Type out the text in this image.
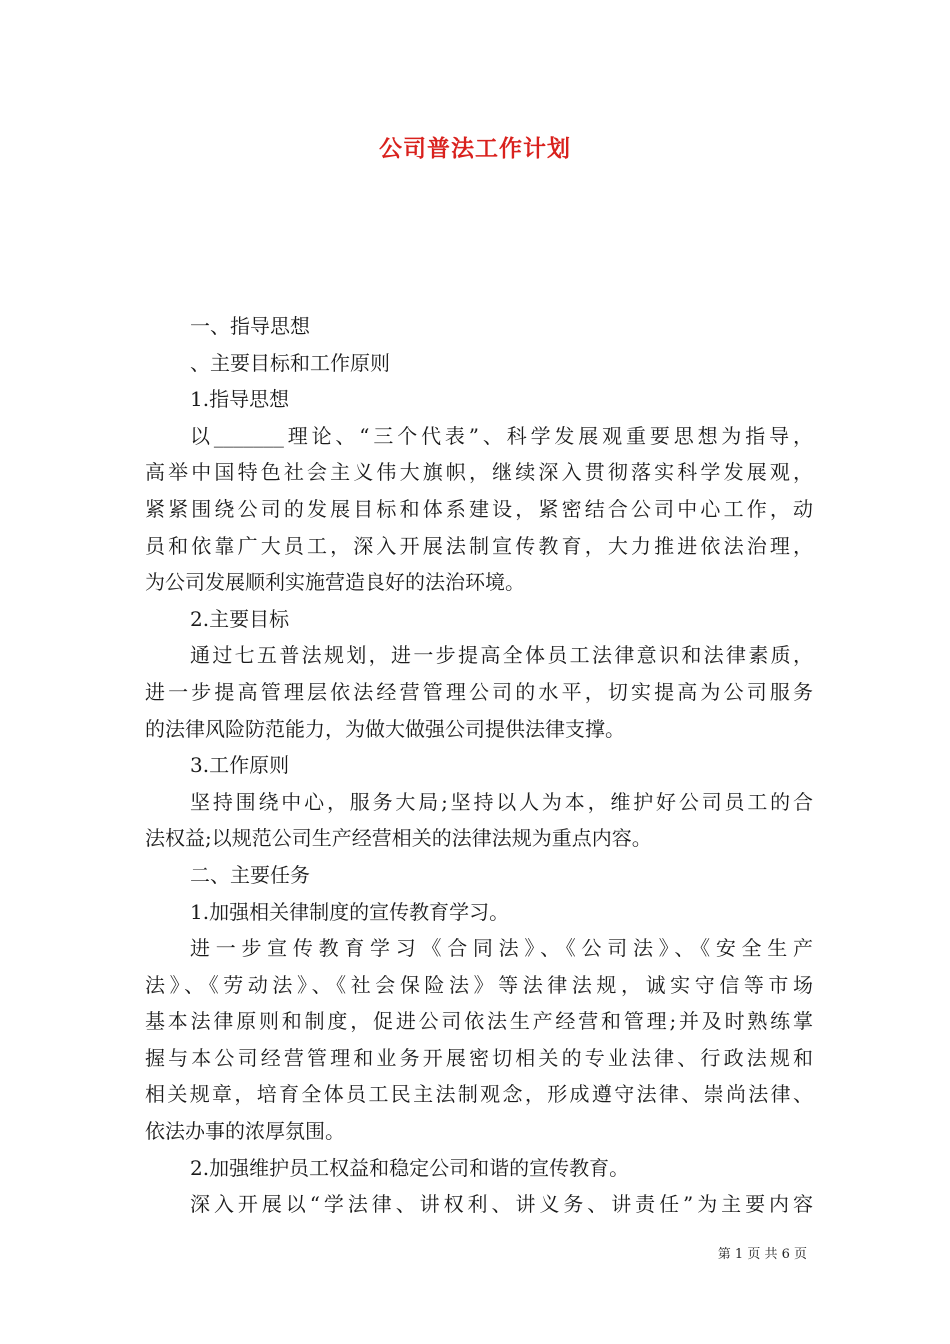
公司普法工作计划
一、指导思想
、主要目标和工作原则
1.指导思想
以_______理论、“三个代表”、科学发展观重要思想为指导，
高举中国特色社会主义伟大旗帜，继续深入贯彻落实科学发展观，
紧紧围绕公司的发展目标和体系建设，紧密结合公司中心工作，动
员和依靠广大员工，深入开展法制宣传教育，大力推进依法治理，
为公司发展顺利实施营造良好的法治环境。
2.主要目标
通过七五普法规划，进一步提高全体员工法律意识和法律素质，
进一步提高管理层依法经营管理公司的水平，切实提高为公司服务
的法律风险防范能力，为做大做强公司提供法律支撑。
3.工作原则
坚持围绕中心，服务大局;坚持以人为本，维护好公司员工的合
法权益;以规范公司生产经营相关的法律法规为重点内容。
二、主要任务
1.加强相关律制度的宣传教育学习。
进一步宣传教育学习《合同法》、《公司法》、《安全生产
法》、《劳动法》、《社会保险法》等法律法规，诚实守信等市场
基本法律原则和制度，促进公司依法生产经营和管理;并及时熟练掌
握与本公司经营管理和业务开展密切相关的专业法律、行政法规和
相关规章，培育全体员工民主法制观念，形成遵守法律、崇尚法律、
依法办事的浓厚氛围。
2.加强维护员工权益和稳定公司和谐的宣传教育。
深入开展以“学法律、讲权利、讲义务、讲责任”为主要内容
第 1 页 共 6 页
